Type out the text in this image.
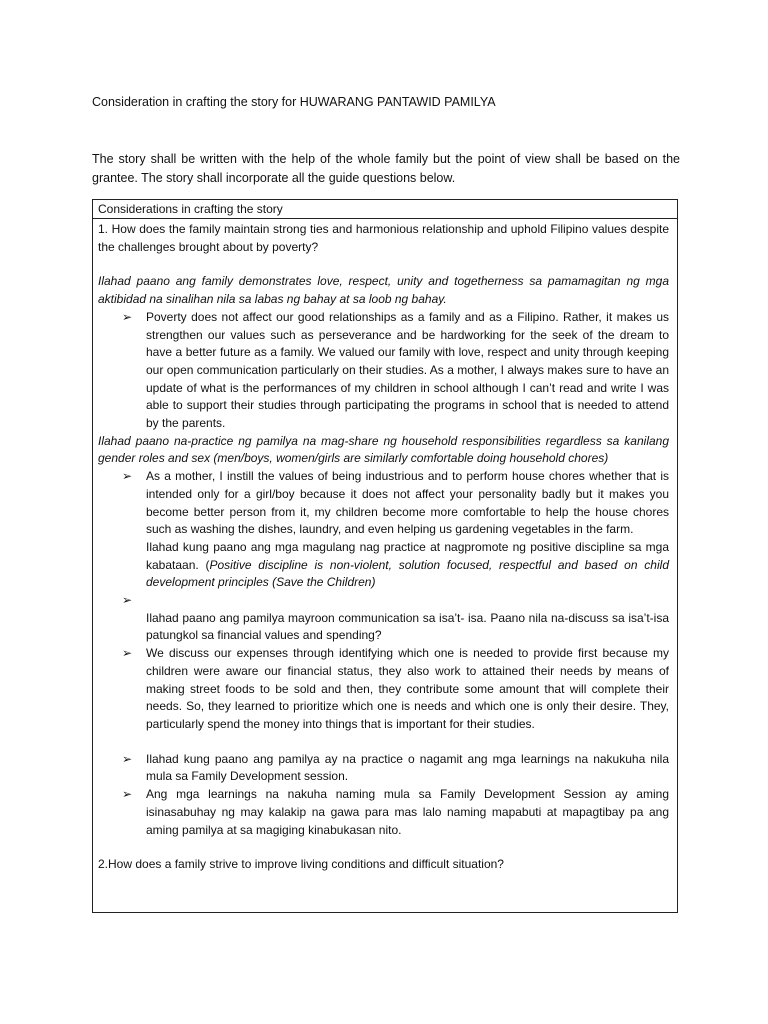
Consideration in crafting the story for HUWARANG PANTAWID PAMILYA
The story shall be written with the help of the whole family but the point of view shall be based on the grantee. The story shall incorporate all the guide questions below.
Considerations in crafting the story

1. How does the family maintain strong ties and harmonious relationship and uphold Filipino values despite the challenges brought about by poverty?

Ilahad paano ang family demonstrates love, respect, unity and togetherness sa pamamagitan ng mga aktibidad na sinalihan nila sa labas ng bahay at sa loob ng bahay.

➢	Poverty does not affect our good relationships as a family and as a Filipino. Rather, it makes us strengthen our values such as perseverance and be hardworking for the seek of the dream to have a better future as a family. We valued our family with love, respect and unity through keeping our open communication particularly on their studies. As a mother, I always makes sure to have an update of what is the performances of my children in school although I can’t read and write I was able to support their studies through participating the programs in school that is needed to attend by the parents.

Ilahad paano na-practice ng pamilya na mag-share ng household responsibilities regardless sa kanilang gender roles and sex (men/boys, women/girls are similarly comfortable doing household chores)

➢	As a mother, I instill the values of being industrious and to perform house chores whether that is intended only for a girl/boy because it does not affect your personality badly but it makes you become better person from it, my children become more comfortable to help the house chores such as washing the dishes, laundry, and even helping us gardening vegetables in the farm.

Ilahad kung paano ang mga magulang nag practice at nagpromote ng positive discipline sa mga kabataan. (Positive discipline is non-violent, solution focused, respectful and based on child development principles (Save the Children)

➢

Ilahad paano ang pamilya mayroon communication sa isa’t- isa. Paano nila na-discuss sa isa’t-isa patungkol sa financial values and spending?

➢	We discuss our expenses through identifying which one is needed to provide first because my children were aware our financial status, they also work to attained their needs by means of making street foods to be sold and then, they contribute some amount that will complete their needs. So, they learned to prioritize which one is needs and which one is only their desire. They, particularly spend the money into things that is important for their studies.

➢	Ilahad kung paano ang pamilya ay na practice o nagamit ang mga learnings na nakukuha nila mula sa Family Development session.

➢	Ang mga learnings na nakuha naming mula sa Family Development Session ay aming isinasabuhay ng may kalakip na gawa para mas lalo naming mapabuti at mapagtibay pa ang aming pamilya at sa magiging kinabukasan nito.

2.How does a family strive to improve living conditions and difficult situation?
